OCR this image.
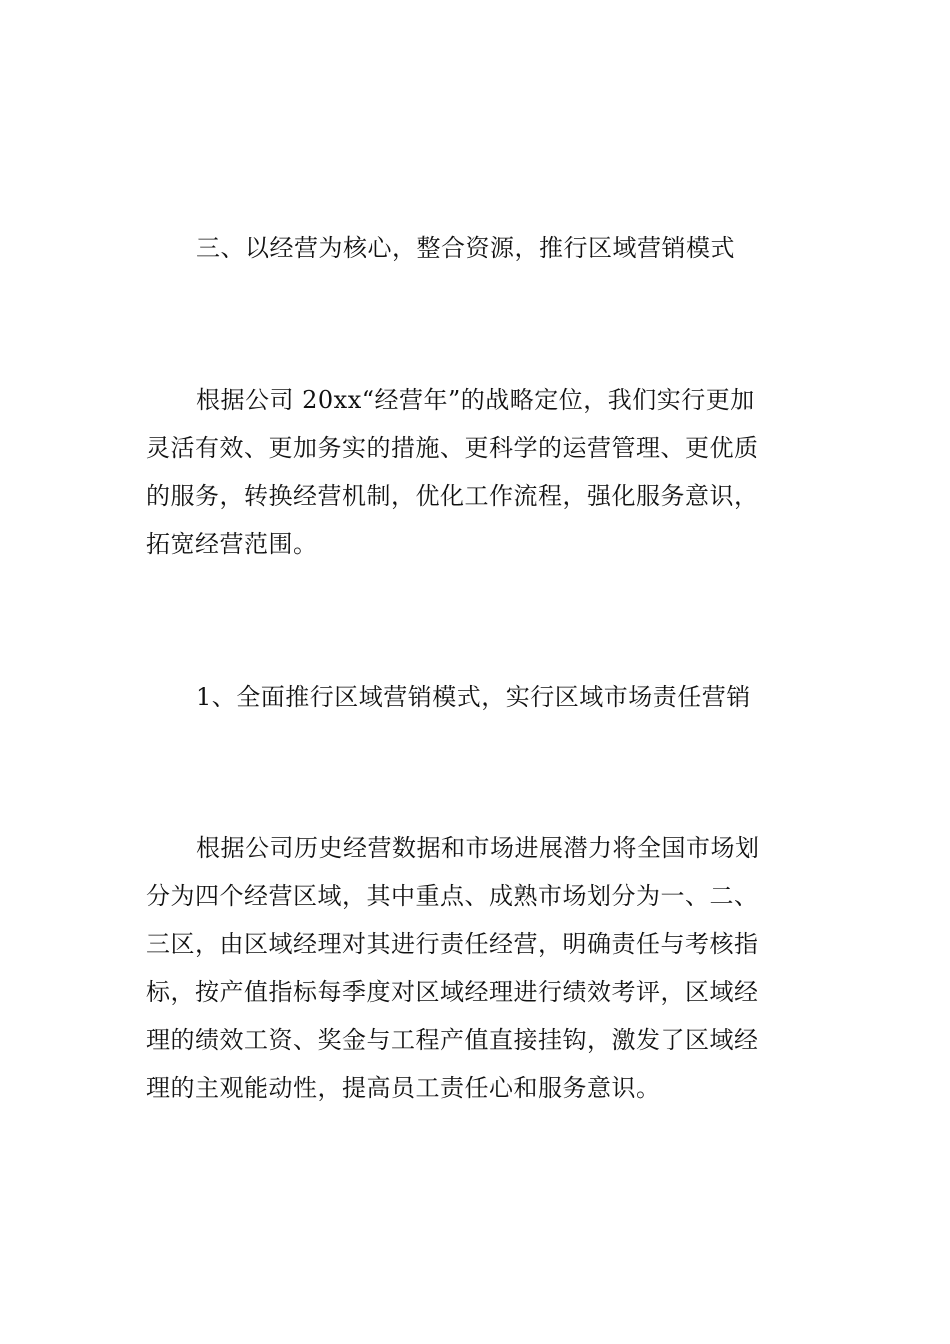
三、以经营为核心，整合资源，推行区域营销模式
根据公司 20xx“经营年”的战略定位，我们实行更加
灵活有效、更加务实的措施、更科学的运营管理、更优质
的服务，转换经营机制，优化工作流程，强化服务意识，
拓宽经营范围。
1、全面推行区域营销模式，实行区域市场责任营销
根据公司历史经营数据和市场进展潜力将全国市场划
分为四个经营区域，其中重点、成熟市场划分为一、二、
三区，由区域经理对其进行责任经营，明确责任与考核指
标，按产值指标每季度对区域经理进行绩效考评，区域经
理的绩效工资、奖金与工程产值直接挂钩，激发了区域经
理的主观能动性，提高员工责任心和服务意识。
